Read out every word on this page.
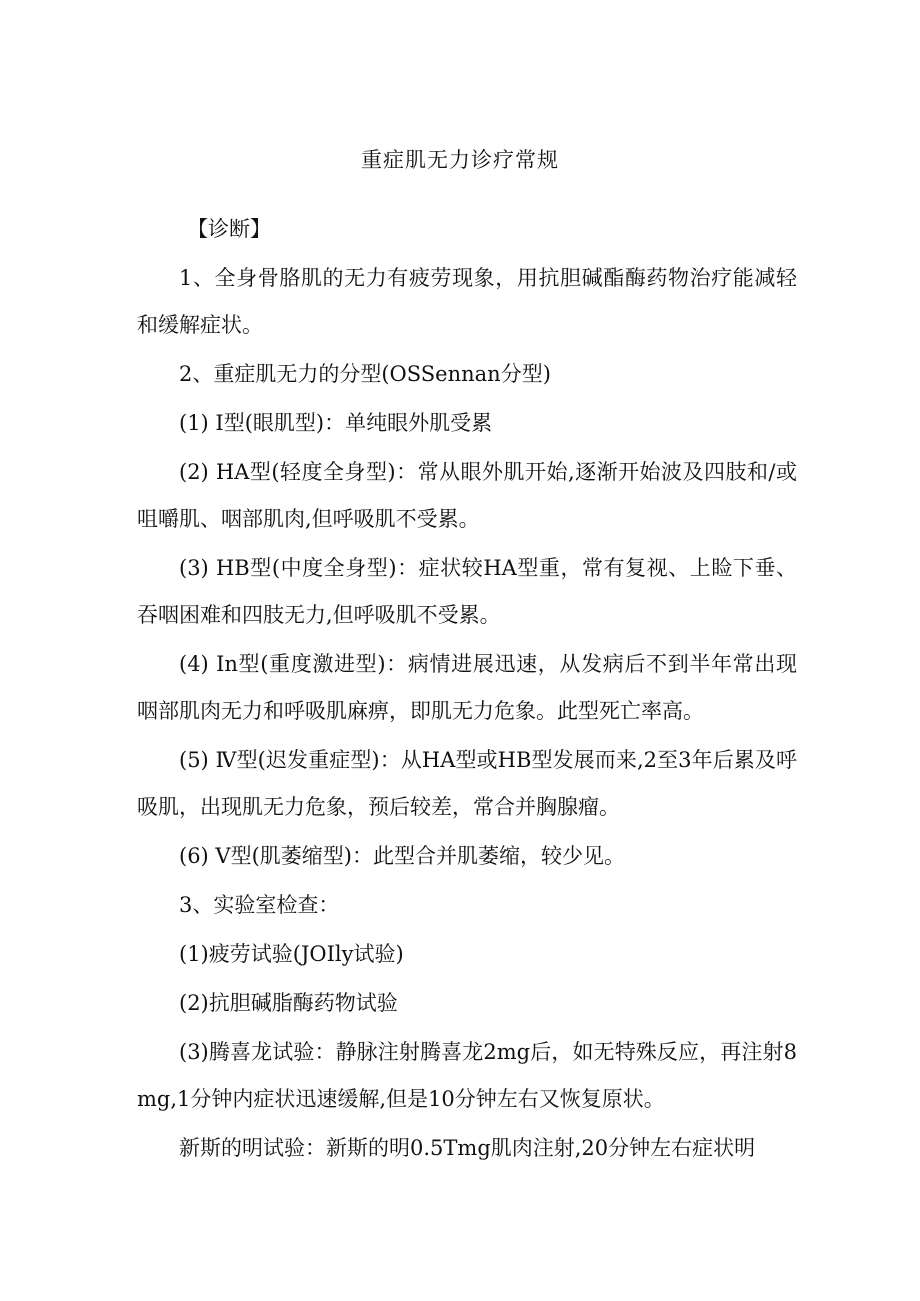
重症肌无力诊疗常规

【诊断】

1、全身骨胳肌的无力有疲劳现象，用抗胆碱酯酶药物治疗能减轻和缓解症状。

2、重症肌无力的分型(OSSennan分型)

(1) Ⅰ型(眼肌型)：单纯眼外肌受累

(2) HA型(轻度全身型)：常从眼外肌开始,逐渐开始波及四肢和/或咀嚼肌、咽部肌肉,但呼吸肌不受累。

(3) HB型(中度全身型)：症状较HA型重，常有复视、上睑下垂、吞咽困难和四肢无力,但呼吸肌不受累。

(4) In型(重度激进型)：病情进展迅速，从发病后不到半年常出现咽部肌肉无力和呼吸肌麻痹，即肌无力危象。此型死亡率高。

(5) Ⅳ型(迟发重症型)：从HA型或HB型发展而来,2至3年后累及呼吸肌，出现肌无力危象，预后较差，常合并胸腺瘤。

(6) Ⅴ型(肌萎缩型)：此型合并肌萎缩，较少见。

3、实验室检查：

(1)疲劳试验(JOIly试验)

(2)抗胆碱脂酶药物试验

(3)腾喜龙试验：静脉注射腾喜龙2mg后，如无特殊反应，再注射8mg,1分钟内症状迅速缓解,但是10分钟左右又恢复原状。

新斯的明试验：新斯的明0.5Tmg肌肉注射,20分钟左右症状明
